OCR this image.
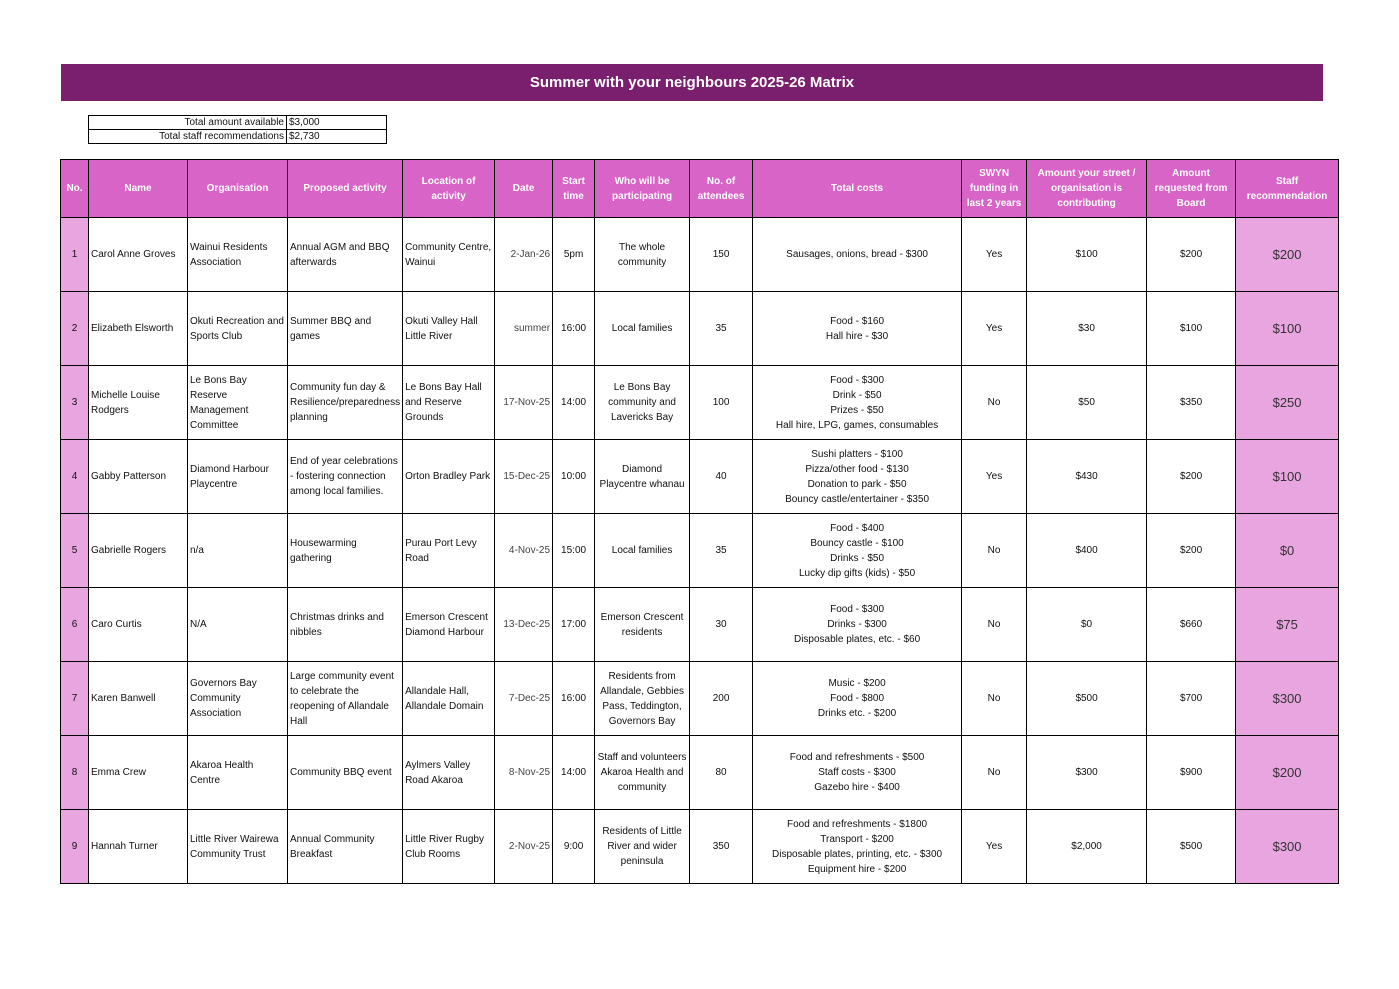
Summer with your neighbours 2025-26 Matrix
Total amount available	$3,000
Total staff recommendations	$2,730
No.	Name	Organisation	Proposed activity	Location of activity	Date	Start time	Who will be participating	No. of attendees	Total costs	SWYN funding in last 2 years	Amount your street / organisation is contributing	Amount requested from Board	Staff recommendation
1	Carol Anne Groves	Wainui Residents Association	Annual AGM and BBQ afterwards	Community Centre, Wainui	2-Jan-26	5pm	The whole community	150	Sausages, onions, bread - $300	Yes	$100	$200	$200
2	Elizabeth Elsworth	Okuti Recreation and Sports Club	Summer BBQ and games	Okuti Valley Hall Little River	summer	16:00	Local families	35	Food - $160
Hall hire - $30	Yes	$30	$100	$100
3	Michelle Louise Rodgers	Le Bons Bay Reserve Management Committee	Community fun day & Resilience/preparedness planning	Le Bons Bay Hall and Reserve Grounds	17-Nov-25	14:00	Le Bons Bay community and Lavericks Bay	100	Food - $300
Drink - $50
Prizes - $50
Hall hire, LPG, games, consumables	No	$50	$350	$250
4	Gabby Patterson	Diamond Harbour Playcentre	End of year celebrations - fostering connection among local families.	Orton Bradley Park	15-Dec-25	10:00	Diamond Playcentre whanau	40	Sushi platters - $100
Pizza/other food - $130
Donation to park - $50
Bouncy castle/entertainer - $350	Yes	$430	$200	$100
5	Gabrielle Rogers	n/a	Housewarming gathering	Purau Port Levy Road	4-Nov-25	15:00	Local families	35	Food - $400
Bouncy castle - $100
Drinks - $50
Lucky dip gifts (kids) - $50	No	$400	$200	$0
6	Caro Curtis	N/A	Christmas drinks and nibbles	Emerson Crescent Diamond Harbour	13-Dec-25	17:00	Emerson Crescent residents	30	Food - $300
Drinks - $300
Disposable plates, etc. - $60	No	$0	$660	$75
7	Karen Banwell	Governors Bay Community Association	Large community event to celebrate the reopening of Allandale Hall	Allandale Hall, Allandale Domain	7-Dec-25	16:00	Residents from Allandale, Gebbies Pass, Teddington, Governors Bay	200	Music - $200
Food - $800
Drinks etc. - $200	No	$500	$700	$300
8	Emma Crew	Akaroa Health Centre	Community BBQ event	Aylmers Valley Road Akaroa	8-Nov-25	14:00	Staff and volunteers Akaroa Health and community	80	Food and refreshments - $500
Staff costs - $300
Gazebo hire - $400	No	$300	$900	$200
9	Hannah Turner	Little River Wairewa Community Trust	Annual Community Breakfast	Little River Rugby Club Rooms	2-Nov-25	9:00	Residents of Little River and wider peninsula	350	Food and refreshments - $1800
Transport - $200
Disposable plates, printing, etc. - $300
Equipment hire - $200	Yes	$2,000	$500	$300
